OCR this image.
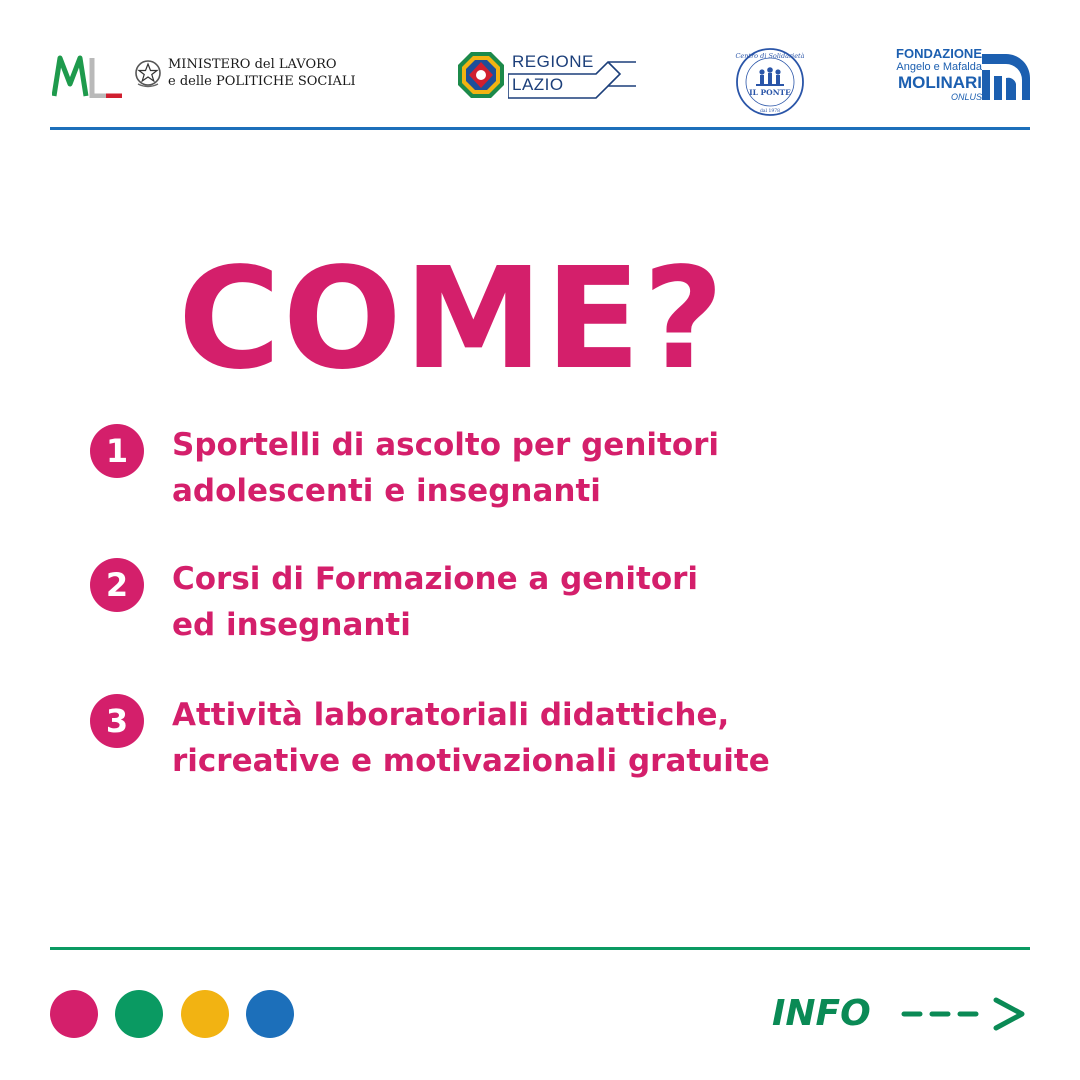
MINISTERO del LAVORO
e delle POLITICHE SOCIALI
REGIONE
LAZIO
Centro di Solidarietà
IL PONTE
dal 1978
FONDAZIONE
Angelo e Mafalda
MOLINARI
ONLUS
COME?
1	Sportelli di ascolto per genitori
adolescenti e insegnanti
2	Corsi di Formazione a genitori
ed insegnanti
3	Attività laboratoriali didattiche,
ricreative e motivazionali gratuite
INFO
